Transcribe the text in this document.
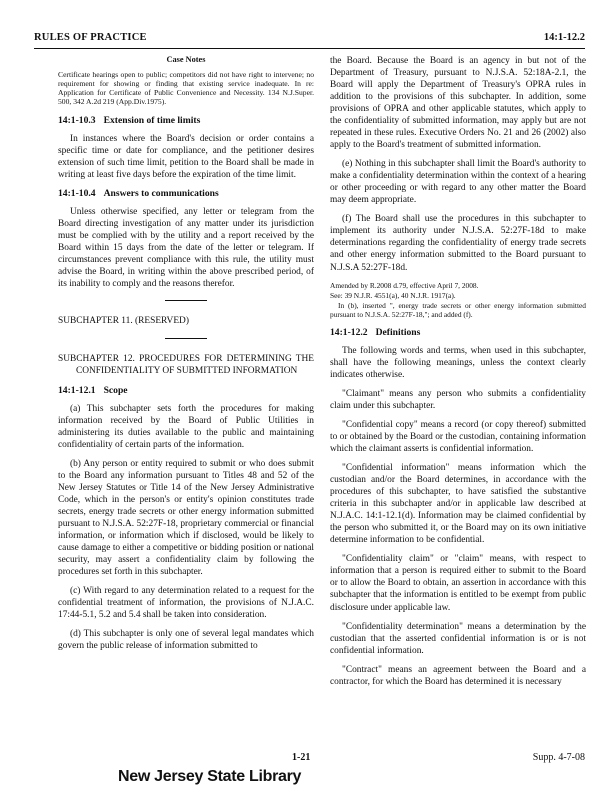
RULES OF PRACTICE	14:1-12.2
Case Notes

Certificate hearings open to public; competitors did not have right to intervene; no requirement for showing or finding that existing service inadequate. In re: Application for Certificate of Public Convenience and Necessity. 134 N.J.Super. 500, 342 A.2d 219 (App.Div.1975).

14:1-10.3 Extension of time limits

In instances where the Board's decision or order contains a specific time or date for compliance, and the petitioner desires extension of such time limit, petition to the Board shall be made in writing at least five days before the expiration of the time limit.

14:1-10.4 Answers to communications

Unless otherwise specified, any letter or telegram from the Board directing investigation of any matter under its jurisdiction must be complied with by the utility and a report received by the Board within 15 days from the date of the letter or telegram. If circumstances prevent compliance with this rule, the utility must advise the Board, in writing within the above prescribed period, of its inability to comply and the reasons therefor.

SUBCHAPTER 11. (RESERVED)
SUBCHAPTER 12. PROCEDURES FOR DETERMINING THE CONFIDENTIALITY OF SUBMITTED INFORMATION
14:1-12.1 Scope

(a) This subchapter sets forth the procedures for making information received by the Board of Public Utilities in administering its duties available to the public and maintaining confidentiality of certain parts of the information.

(b) Any person or entity required to submit or who does submit to the Board any information pursuant to Titles 48 and 52 of the New Jersey Statutes or Title 14 of the New Jersey Administrative Code, which in the person's or entity's opinion constitutes trade secrets, energy trade secrets or other energy information submitted pursuant to N.J.S.A. 52:27F-18, proprietary commercial or financial information, or information which if disclosed, would be likely to cause damage to either a competitive or bidding position or national security, may assert a confidentiality claim by following the procedures set forth in this subchapter.

(c) With regard to any determination related to a request for the confidential treatment of information, the provisions of N.J.A.C. 17:44-5.1, 5.2 and 5.4 shall be taken into consideration.

(d) This subchapter is only one of several legal mandates which govern the public release of information submitted to

the Board. Because the Board is an agency in but not of the Department of Treasury, pursuant to N.J.S.A. 52:18A-2.1, the Board will apply the Department of Treasury's OPRA rules in addition to the provisions of this subchapter. In addition, some provisions of OPRA and other applicable statutes, which apply to the confidentiality of submitted information, may apply but are not repeated in these rules. Executive Orders No. 21 and 26 (2002) also apply to the Board's treatment of submitted information.

(e) Nothing in this subchapter shall limit the Board's authority to make a confidentiality determination within the context of a hearing or other proceeding or with regard to any other matter the Board may deem appropriate.

(f) The Board shall use the procedures in this subchapter to implement its authority under N.J.S.A. 52:27F-18d to make determinations regarding the confidentiality of energy trade secrets and other energy information submitted to the Board pursuant to N.J.S.A 52:27F-18d.

Amended by R.2008 d.79, effective April 7, 2008.

See: 39 N.J.R. 4551(a), 40 N.J.R. 1917(a).

In (b), inserted ", energy trade secrets or other energy information submitted pursuant to N.J.S.A. 52:27F-18,"; and added (f).

14:1-12.2 Definitions

The following words and terms, when used in this subchapter, shall have the following meanings, unless the context clearly indicates otherwise.

"Claimant" means any person who submits a confidentiality claim under this subchapter.

"Confidential copy" means a record (or copy thereof) submitted to or obtained by the Board or the custodian, containing information which the claimant asserts is confidential information.

"Confidential information" means information which the custodian and/or the Board determines, in accordance with the procedures of this subchapter, to have satisfied the substantive criteria in this subchapter and/or in applicable law described at N.J.A.C. 14:1-12.1(d). Information may be claimed confidential by the person who submitted it, or the Board may on its own initiative determine information to be confidential.

"Confidentiality claim" or "claim" means, with respect to information that a person is required either to submit to the Board or to allow the Board to obtain, an assertion in accordance with this subchapter that the information is entitled to be exempt from public disclosure under applicable law.

"Confidentiality determination" means a determination by the custodian that the asserted confidential information is or is not confidential information.

"Contract" means an agreement between the Board and a contractor, for which the Board has determined it is necessary

1-21	Supp. 4-7-08
New Jersey State Library
